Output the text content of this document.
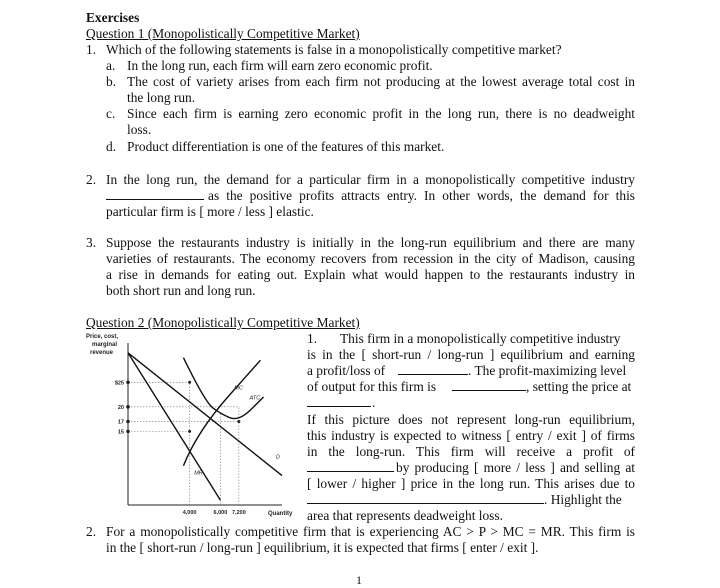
Exercises
Question 1 (Monopolistically Competitive Market)
1. Which of the following statements is false in a monopolistically competitive market?
a. In the long run, each firm will earn zero economic profit.
b. The cost of variety arises from each firm not producing at the lowest average total cost in
the long run.
c. Since each firm is earning zero economic profit in the long run, there is no deadweight
loss.
d. Product differentiation is one of the features of this market.
2. In the long run, the demand for a particular firm in a monopolistically competitive industry
as the positive profits attracts entry. In other words, the demand for this
particular firm is [ more / less ] elastic.
3. Suppose the restaurants industry is initially in the long-run equilibrium and there are many
varieties of restaurants. The economy recovers from recession in the city of Madison, causing
a rise in demands for eating out. Explain what would happen to the restaurants industry in
both short run and long run.
Question 2 (Monopolistically Competitive Market)
Price, cost,
marginal
revenue
$25
20
17
15
4,000	6,000 7,200
D
MR
MC
ATC
Quantity
1. This firm in a monopolistically competitive industry
is in the [ short-run / long-run ] equilibrium and earning
a profit/loss of	. The profit-maximizing level
of output for this firm is	, setting the price at
.
If this picture does not represent long-run equilibrium,
this industry is expected to witness [ entry / exit ] of firms
in the long-run. This firm will receive a profit of
by producing [ more / less ] and selling at
[ lower / higher ] price in the long run. This arises due to
. Highlight the
area that represents deadweight loss.
2. For a monopolistically competitive firm that is experiencing AC > P > MC = MR. This firm is
in the [ short-run / long-run ] equilibrium, it is expected that firms [ enter / exit ].
1
